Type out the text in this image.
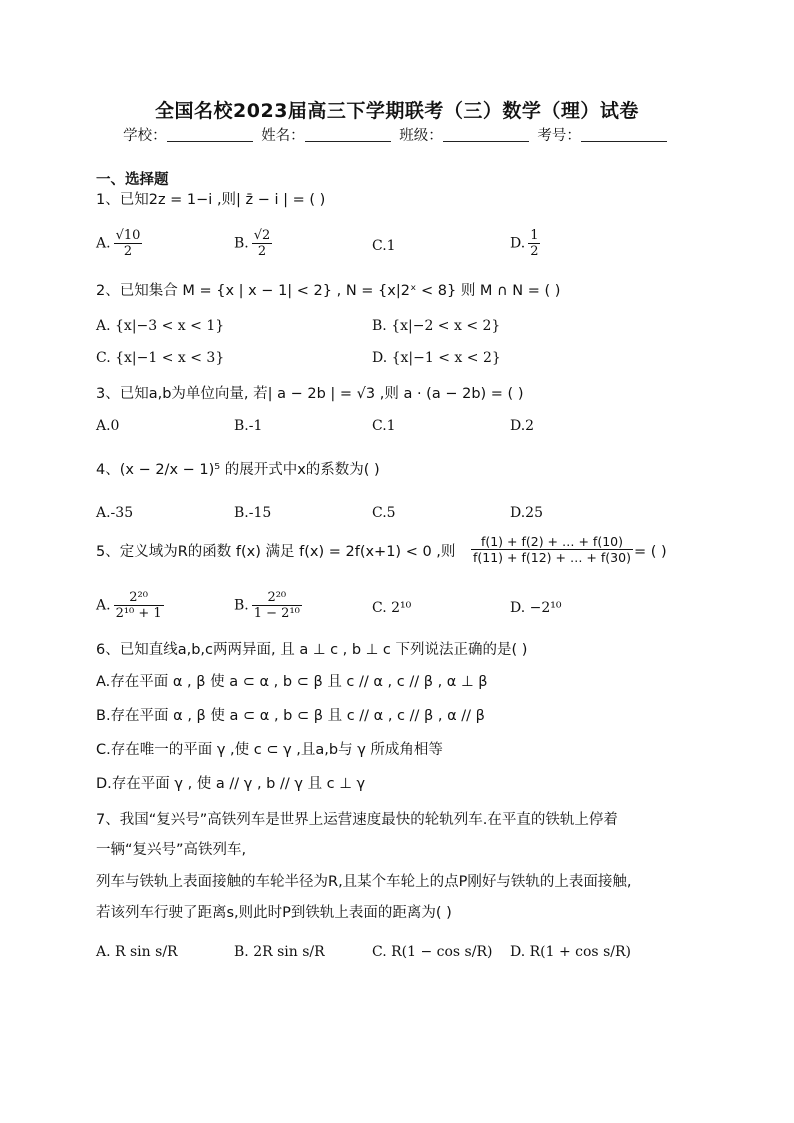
全国名校2023届高三下学期联考（三）数学（理）试卷
学校：	姓名：	班级：	考号：
一、选择题
1、已知2z = 1−i ,则| z̄ − i | = ( )
A. $\frac{√10}{2}$	B. $\frac{√2}{2}$	C.1	D. $\frac{1}{2}$
2、已知集合 M = {x | x − 1| < 2} , N = {x|2ˣ < 8} 则 M ∩ N = ( )
A. {x|−3 < x < 1}	B. {x|−2 < x < 2}
C. {x|−1 < x < 3}	D. {x|−1 < x < 2}
3、已知a,b为单位向量, 若| a − 2b | = √3 ,则 a · (a − 2b) = ( )
A.0	B.-1	C.1	D.2
4、(x − 2/x − 1)⁵ 的展开式中x的系数为( )
A.-35	B.-15	C.5	D.25
5、定义域为R的函数 f(x) 满足 f(x) = 2f(x+1) < 0 ,则 $\frac{f(1) + f(2) + \dots + f(10)}{f(11) + f(12) + \dots + f(30)}$ = ( )
A. $\frac{\text{2²⁰}}{\text{2¹⁰ + 1}}$	B. $\frac{\text{2²⁰}}{\text{1 − 2¹⁰}}$	C. 2¹⁰	D. −2¹⁰
6、已知直线a,b,c两两异面, 且 a ⊥ c , b ⊥ c 下列说法正确的是( )
A.存在平面 α , β 使 a ⊂ α , b ⊂ β 且 c // α , c // β , α ⊥ β
B.存在平面 α , β 使 a ⊂ α , b ⊂ β 且 c // α , c // β , α // β
C.存在唯一的平面 γ ,使 c ⊂ γ ,且a,b与 γ 所成角相等
D.存在平面 γ , 使 a // γ , b // γ 且 c ⊥ γ
7、我国“复兴号”高铁列车是世界上运营速度最快的轮轨列车.在平直的铁轨上停着
一辆“复兴号”高铁列车,
列车与铁轨上表面接触的车轮半径为R,且某个车轮上的点P刚好与铁轨的上表面接触,
若该列车行驶了距离s,则此时P到铁轨上表面的距离为( )
A. R sin s/R	B. 2R sin s/R	C. R(1 − cos s/R) D. R(1 + cos s/R)
